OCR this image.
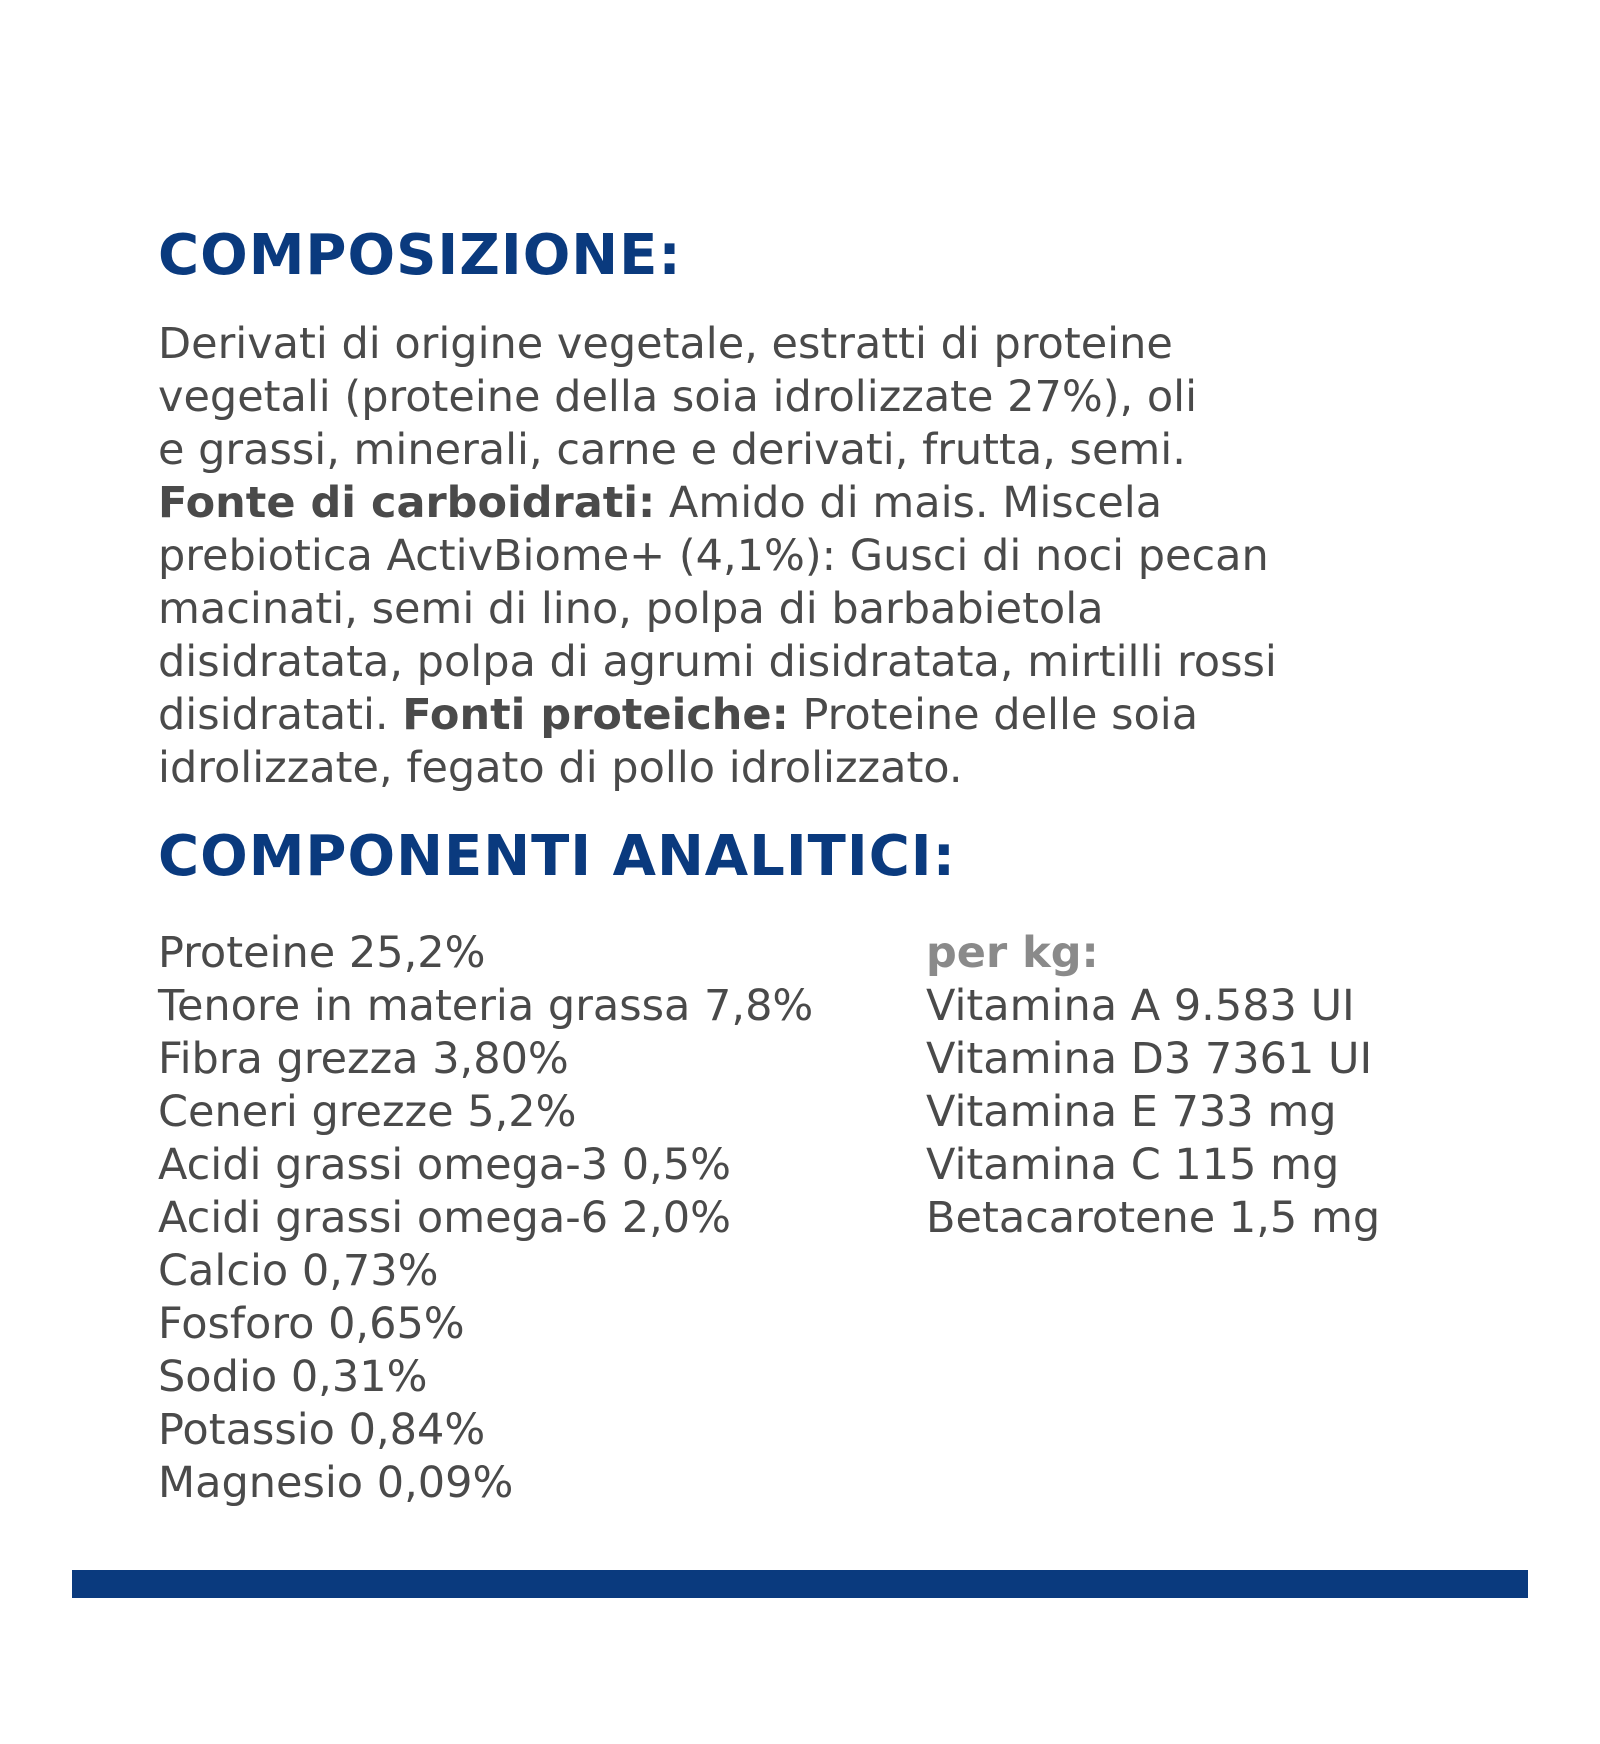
COMPOSIZIONE:
Derivati di origine vegetale, estratti di proteine
vegetali (proteine della soia idrolizzate 27%), oli
e grassi, minerali, carne e derivati, frutta, semi.
Fonte di carboidrati: Amido di mais. Miscela
prebiotica ActivBiome+ (4,1%): Gusci di noci pecan
macinati, semi di lino, polpa di barbabietola
disidratata, polpa di agrumi disidratata, mirtilli rossi
disidratati. Fonti proteiche: Proteine delle soia
idrolizzate, fegato di pollo idrolizzato.
COMPONENTI ANALITICI:
Proteine 25,2%
Tenore in materia grassa 7,8%
Fibra grezza 3,80%
Ceneri grezze 5,2%
Acidi grassi omega-3 0,5%
Acidi grassi omega-6 2,0%
Calcio 0,73%
Fosforo 0,65%
Sodio 0,31%
Potassio 0,84%
Magnesio 0,09%
per kg:
Vitamina A 9.583 UI
Vitamina D3 7361 UI
Vitamina E 733 mg
Vitamina C 115 mg
Betacarotene 1,5 mg
